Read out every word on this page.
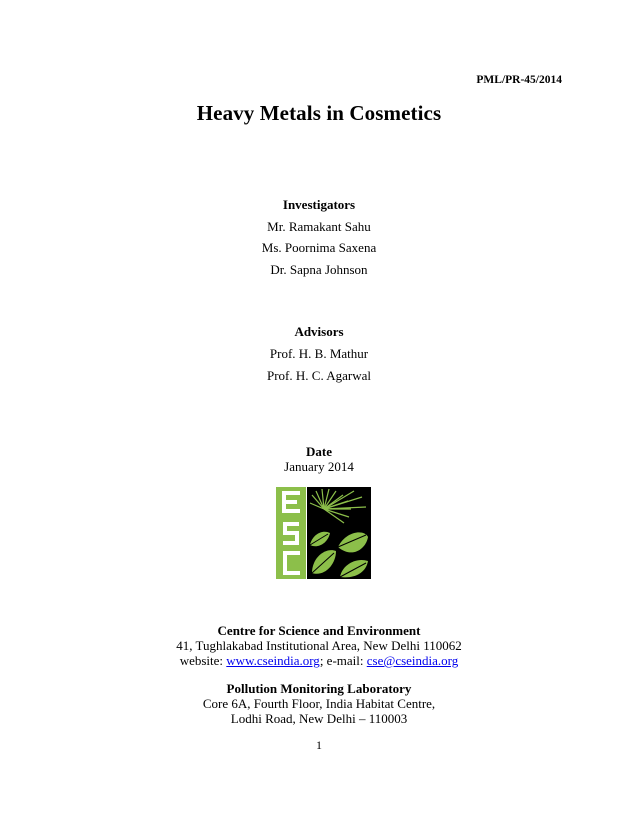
PML/PR-45/2014
Heavy Metals in Cosmetics
Investigators
Mr. Ramakant Sahu
Ms. Poornima Saxena
Dr. Sapna Johnson
Advisors
Prof. H. B. Mathur
Prof. H. C. Agarwal
Date
January 2014
Centre for Science and Environment
41, Tughlakabad Institutional Area, New Delhi 110062
website: www.cseindia.org; e-mail: cse@cseindia.org
Pollution Monitoring Laboratory
Core 6A, Fourth Floor, India Habitat Centre,
Lodhi Road, New Delhi – 110003
1
